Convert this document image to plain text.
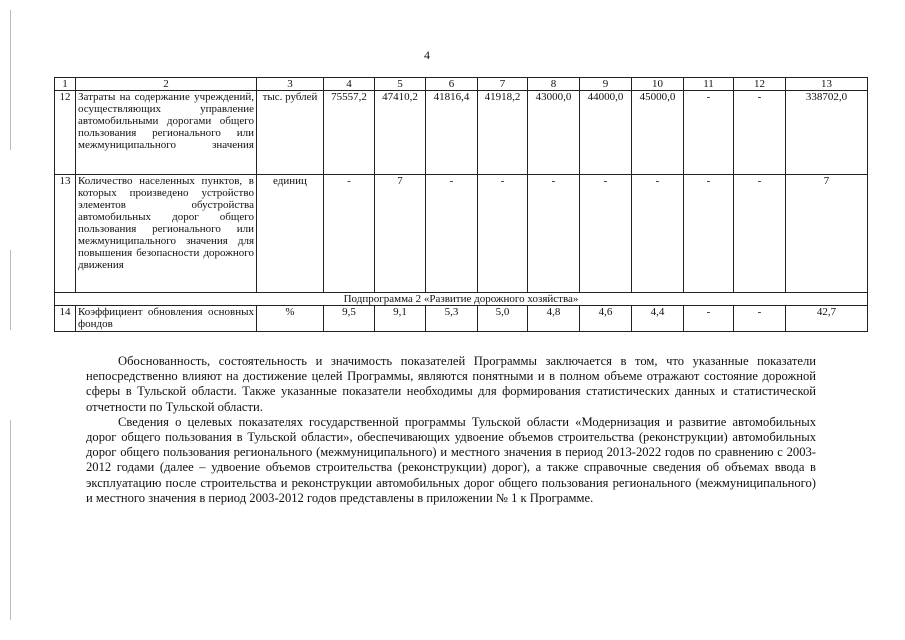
4
1	2	3	4	5	6	7	8	9	10	11	12	13
12	Затраты на содержание учреждений, осуществляющих управление автомобильными дорогами общего пользования регионального или межмуниципального значения	тыс. рублей	75557,2	47410,2	41816,4	41918,2	43000,0	44000,0	45000,0	-	-	338702,0
13	Количество населенных пунктов, в которых произведено устройство элементов обустройства автомобильных дорог общего пользования регионального или межмуниципального значения для повышения безопасности дорожного движения	единиц	-	7	-	-	-	-	-	-	-	7
Подпрограмма 2 «Развитие дорожного хозяйства»												
14	Коэффициент обновления основных фондов	%	9,5	9,1	5,3	5,0	4,8	4,6	4,4	-	-	42,7

Обоснованность, состоятельность и значимость показателей Программы заключается в том, что указанные показатели непосредственно влияют на достижение целей Программы, являются понятными и в полном объеме отражают состояние дорожной сферы в Тульской области. Также указанные показатели необходимы для формирования статистических данных и статистической отчетности по Тульской области.

Сведения о целевых показателях государственной программы Тульской области «Модернизация и развитие автомобильных дорог общего пользования в Тульской области», обеспечивающих удвоение объемов строительства (реконструкции) автомобильных дорог общего пользования регионального (межмуниципального) и местного значения в период 2013-2022 годов по сравнению с 2003-2012 годами (далее – удвоение объемов строительства (реконструкции) дорог), а также справочные сведения об объемах ввода в эксплуатацию после строительства и реконструкции автомобильных дорог общего пользования регионального (межмуниципального) и местного значения в период 2003-2012 годов представлены в приложении № 1 к Программе.
